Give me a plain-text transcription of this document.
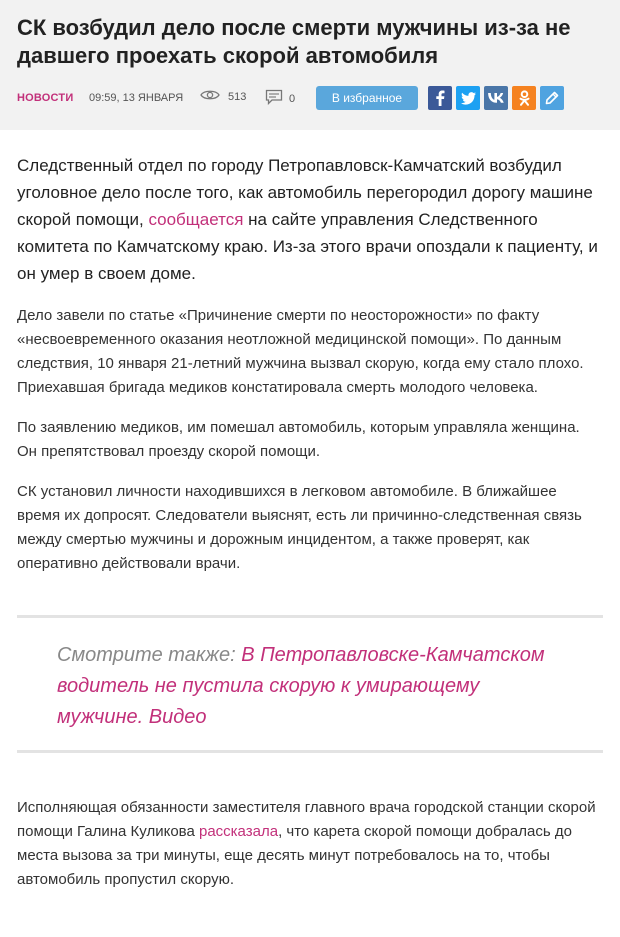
СК возбудил дело после смерти мужчины из-за не давшего проехать скорой автомобиля
НОВОСТИ 09:59, 13 ЯНВАРЯ	513	0	В избранное

Следственный отдел по городу Петропавловск-Камчатский возбудил уголовное дело после того, как автомобиль перегородил дорогу машине скорой помощи, сообщается на сайте управления Следственного комитета по Камчатскому краю. Из-за этого врачи опоздали к пациенту, и он умер в своем доме.

Дело завели по статье «Причинение смерти по неосторожности» по факту «несвоевременного оказания неотложной медицинской помощи». По данным следствия, 10 января 21-летний мужчина вызвал скорую, когда ему стало плохо. Приехавшая бригада медиков констатировала смерть молодого человека.

По заявлению медиков, им помешал автомобиль, которым управляла женщина. Он препятствовал проезду скорой помощи.

СК установил личности находившихся в легковом автомобиле. В ближайшее время их допросят. Следователи выяснят, есть ли причинно-следственная связь между смертью мужчины и дорожным инцидентом, а также проверят, как оперативно действовали врачи.

Смотрите также: В Петропавловске-Камчатском водитель не пустила скорую к умирающему мужчине. Видео

Исполняющая обязанности заместителя главного врача городской станции скорой помощи Галина Куликова рассказала, что карета скорой помощи добралась до места вызова за три минуты, еще десять минут потребовалось на то, чтобы автомобиль пропустил скорую.
